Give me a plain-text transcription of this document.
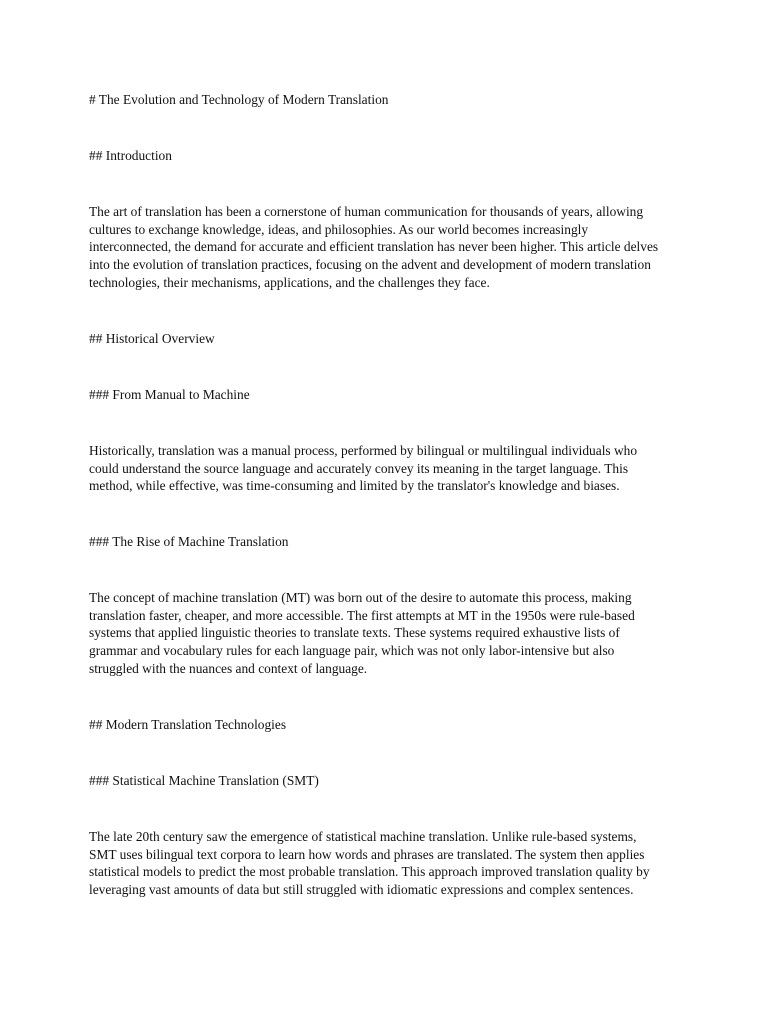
# The Evolution and Technology of Modern Translation
## Introduction

The art of translation has been a cornerstone of human communication for thousands of years, allowing
cultures to exchange knowledge, ideas, and philosophies. As our world becomes increasingly
interconnected, the demand for accurate and efficient translation has never been higher. This article delves
into the evolution of translation practices, focusing on the advent and development of modern translation
technologies, their mechanisms, applications, and the challenges they face.

## Historical Overview
### From Manual to Machine

Historically, translation was a manual process, performed by bilingual or multilingual individuals who
could understand the source language and accurately convey its meaning in the target language. This
method, while effective, was time-consuming and limited by the translator's knowledge and biases.

### The Rise of Machine Translation

The concept of machine translation (MT) was born out of the desire to automate this process, making
translation faster, cheaper, and more accessible. The first attempts at MT in the 1950s were rule-based
systems that applied linguistic theories to translate texts. These systems required exhaustive lists of
grammar and vocabulary rules for each language pair, which was not only labor-intensive but also
struggled with the nuances and context of language.

## Modern Translation Technologies
### Statistical Machine Translation (SMT)

The late 20th century saw the emergence of statistical machine translation. Unlike rule-based systems,
SMT uses bilingual text corpora to learn how words and phrases are translated. The system then applies
statistical models to predict the most probable translation. This approach improved translation quality by
leveraging vast amounts of data but still struggled with idiomatic expressions and complex sentences.
